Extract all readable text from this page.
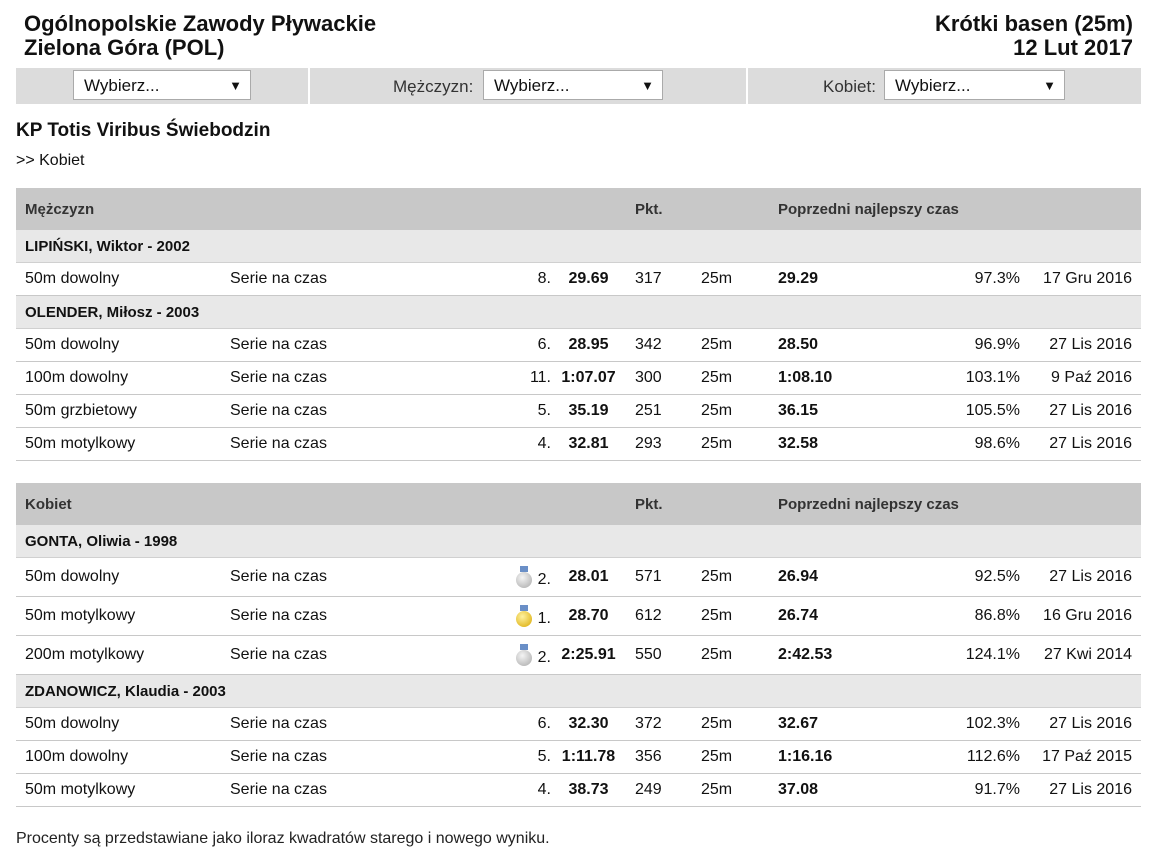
Ogólnopolskie Zawody Pływackie
Zielona Góra (POL)
Krótki basen (25m)
12 Lut 2017
Wybierz...	▼	Mężczyzn:	Wybierz...	▼	Kobiet:	Wybierz...	▼
KP Totis Viribus Świebodzin
>> Kobiet
Mężczyzn				Pkt.		Poprzedni najlepszy czas		
LIPIŃSKI, Wiktor - 2002								
50m dowolny	Serie na czas	8.	29.69	317	25m	29.29	97.3%	17 Gru 2016
OLENDER, Miłosz - 2003								
50m dowolny	Serie na czas	6.	28.95	342	25m	28.50	96.9%	27 Lis 2016
100m dowolny	Serie na czas	11.	1:07.07	300	25m	1:08.10	103.1%	9 Paź 2016
50m grzbietowy	Serie na czas	5.	35.19	251	25m	36.15	105.5%	27 Lis 2016
50m motylkowy	Serie na czas	4.	32.81	293	25m	32.58	98.6%	27 Lis 2016
Kobiet				Pkt.		Poprzedni najlepszy czas		
GONTA, Oliwia - 1998								
50m dowolny	Serie na czas	2.	28.01	571	25m	26.94	92.5%	27 Lis 2016
50m motylkowy	Serie na czas	1.	28.70	612	25m	26.74	86.8%	16 Gru 2016
200m motylkowy	Serie na czas	2.	2:25.91	550	25m	2:42.53	124.1%	27 Kwi 2014
ZDANOWICZ, Klaudia - 2003								
50m dowolny	Serie na czas	6.	32.30	372	25m	32.67	102.3%	27 Lis 2016
100m dowolny	Serie na czas	5.	1:11.78	356	25m	1:16.16	112.6%	17 Paź 2015
50m motylkowy	Serie na czas	4.	38.73	249	25m	37.08	91.7%	27 Lis 2016
Procenty są przedstawiane jako iloraz kwadratów starego i nowego wyniku.
